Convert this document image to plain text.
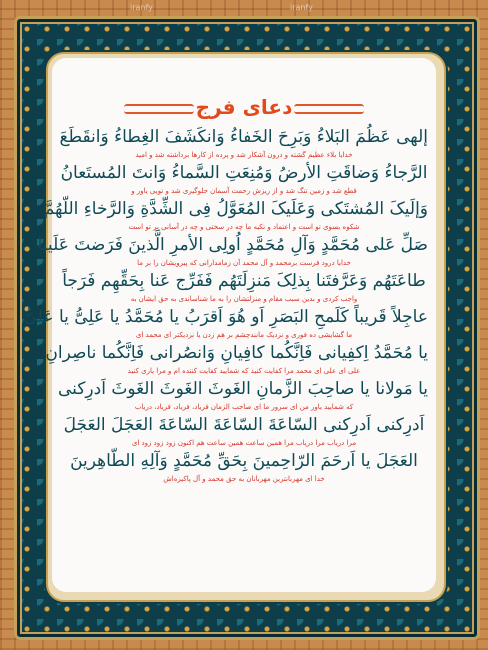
iranfy	iranfy
دعای فرج
إلهی عَظُمَ البَلاءُ وَبَرِحَ الخَفاءُ وَانکَشَفَ الغِطاءُ وَانقَطَعَ
خدایا بلاء عظیم گشته و درون آشکار شد و پرده از کارها برداشته شد و امید
الرَّجاءُ وَضاقَتِ الأرضُ وَمُنِعَتِ السَّماءُ وَانتَ المُستَعانُ
قطع شد و زمین تنگ شد و از ریزش رحمت آسمان جلوگیری شد و تویی یاور و
وَإلَیکَ المُشتَکی وَعَلَیکَ المُعَوَّلُ فِی الشِّدَّةِ وَالرَّخاءِ اللّهُمَّ
شکوه بسوی تو است و اعتماد و تکیه ما چه در سختی و چه در آسانی بر تو است
صَلِّ عَلی مُحَمَّدٍ وَآلِ مُحَمَّدٍ اُولِی الأمرِ الَّذینَ فَرَضتَ عَلَینا
خدایا درود فرست برمحمد و آل محمد آن زمامدارانی که پیرویشان را بر ما
طاعَتَهُم وَعَرَّفتَنا بِذلِکَ مَنزِلَتَهُم فَفَرِّج عَنا بِحَقِّهِم فَرَجاً
واجب کردی و بدین سبب مقام و منزلتشان را به ما شناساندی به حق ایشان به
عاجِلاً قَریباً کَلَمحِ البَصَرِ اَو هُوَ اَقرَبُ یا مُحَمَّدُ یا عَلِیُّ یا عَلِیُّ
ما گشایشی ده فوری و نزدیک مانندچشم بر هم زدن یا نزدیکتر ای محمد ای
یا مُحَمَّدُ اِکفِیانی فَاِنَّکُما کافِیانِ وَانصُرانی فَاِنَّکُما ناصِرانِ
علی ای علی ای محمد مرا کفایت کنید که شمایید کفایت کننده ام و مرا یاری کنید
یا مَولانا یا صاحِبَ الزَّمانِ الغَوثَ الغَوثَ الغَوثَ اَدرِکنی
که شمایید یاور من ای سرور ما ای صاحب الزمان فریاد، فریاد، فریاد، دریاب
اَدرِکنی اَدرِکنی السّاعَةَ السّاعَةَ السّاعَةَ العَجَلَ العَجَلَ
مرا دریاب مرا دریاب مرا همین ساعت همین ساعت هم اکنون زود زود زود ای
العَجَلَ یا اَرحَمَ الرّاحِمینَ بِحَقِّ مُحَمَّدٍ وَآلِهِ الطّاهِرینَ
خدا ای مهربانترین مهربانان به حق محمد و آل پاکیزه‌اش
